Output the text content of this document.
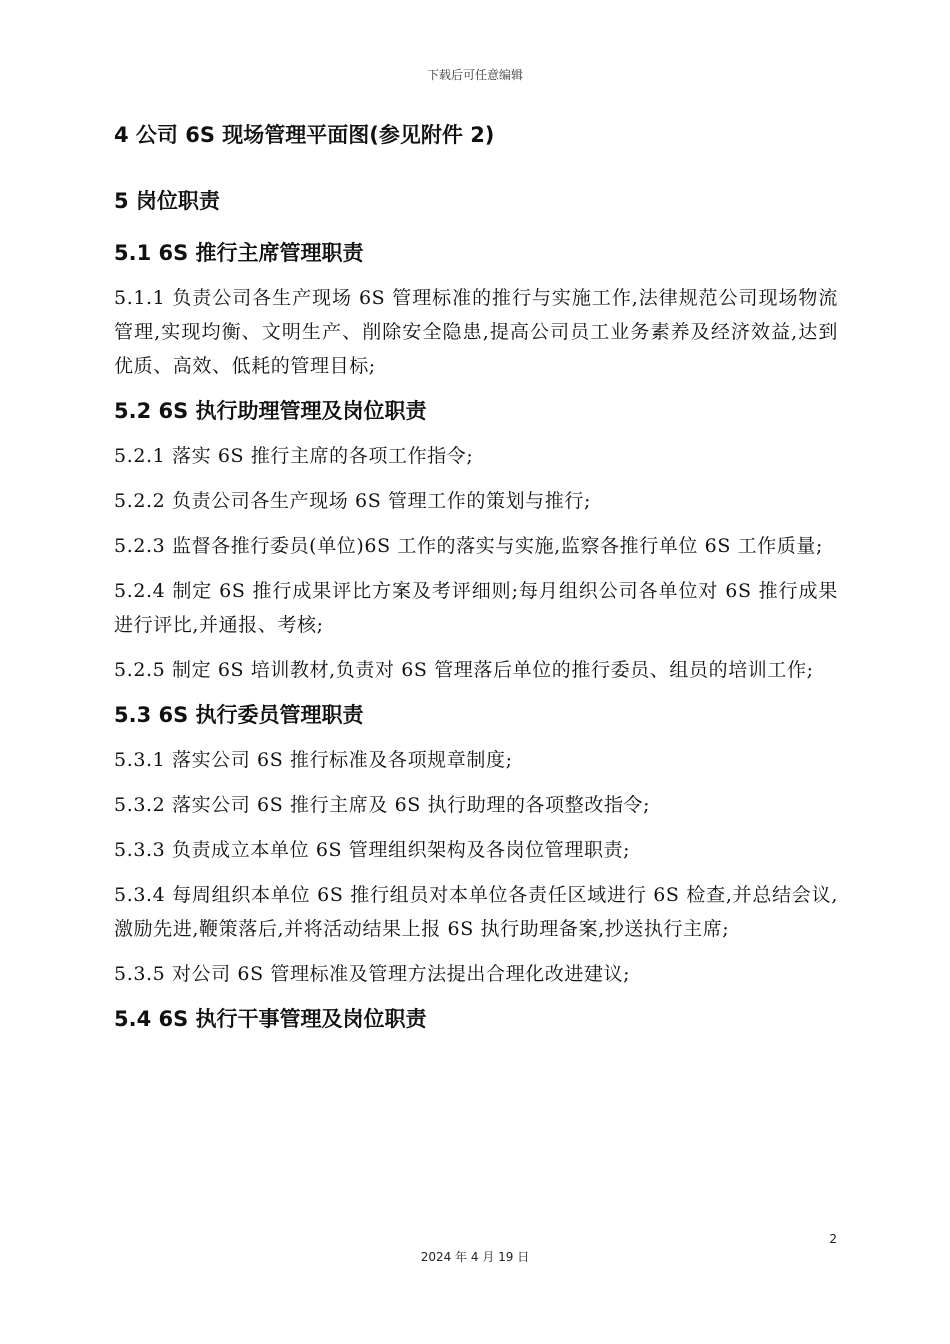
下载后可任意编辑
4 公司 6S 现场管理平面图(参见附件 2)
5 岗位职责
5.1 6S 推行主席管理职责

5.1.1 负责公司各生产现场 6S 管理标准的推行与实施工作,法律规范公司现场物流管理,实现均衡、文明生产、削除安全隐患,提高公司员工业务素养及经济效益,达到优质、高效、低耗的管理目标;

5.2 6S 执行助理管理及岗位职责

5.2.1 落实 6S 推行主席的各项工作指令;

5.2.2 负责公司各生产现场 6S 管理工作的策划与推行;

5.2.3 监督各推行委员(单位)6S 工作的落实与实施,监察各推行单位 6S 工作质量;

5.2.4 制定 6S 推行成果评比方案及考评细则;每月组织公司各单位对 6S 推行成果进行评比,并通报、考核;

5.2.5 制定 6S 培训教材,负责对 6S 管理落后单位的推行委员、组员的培训工作;

5.3 6S 执行委员管理职责

5.3.1 落实公司 6S 推行标准及各项规章制度;

5.3.2 落实公司 6S 推行主席及 6S 执行助理的各项整改指令;

5.3.3 负责成立本单位 6S 管理组织架构及各岗位管理职责;

5.3.4 每周组织本单位 6S 推行组员对本单位各责任区域进行 6S 检查,并总结会议,激励先进,鞭策落后,并将活动结果上报 6S 执行助理备案,抄送执行主席;

5.3.5 对公司 6S 管理标准及管理方法提出合理化改进建议;

5.4 6S 执行干事管理及岗位职责
2
2024 年 4 月 19 日
